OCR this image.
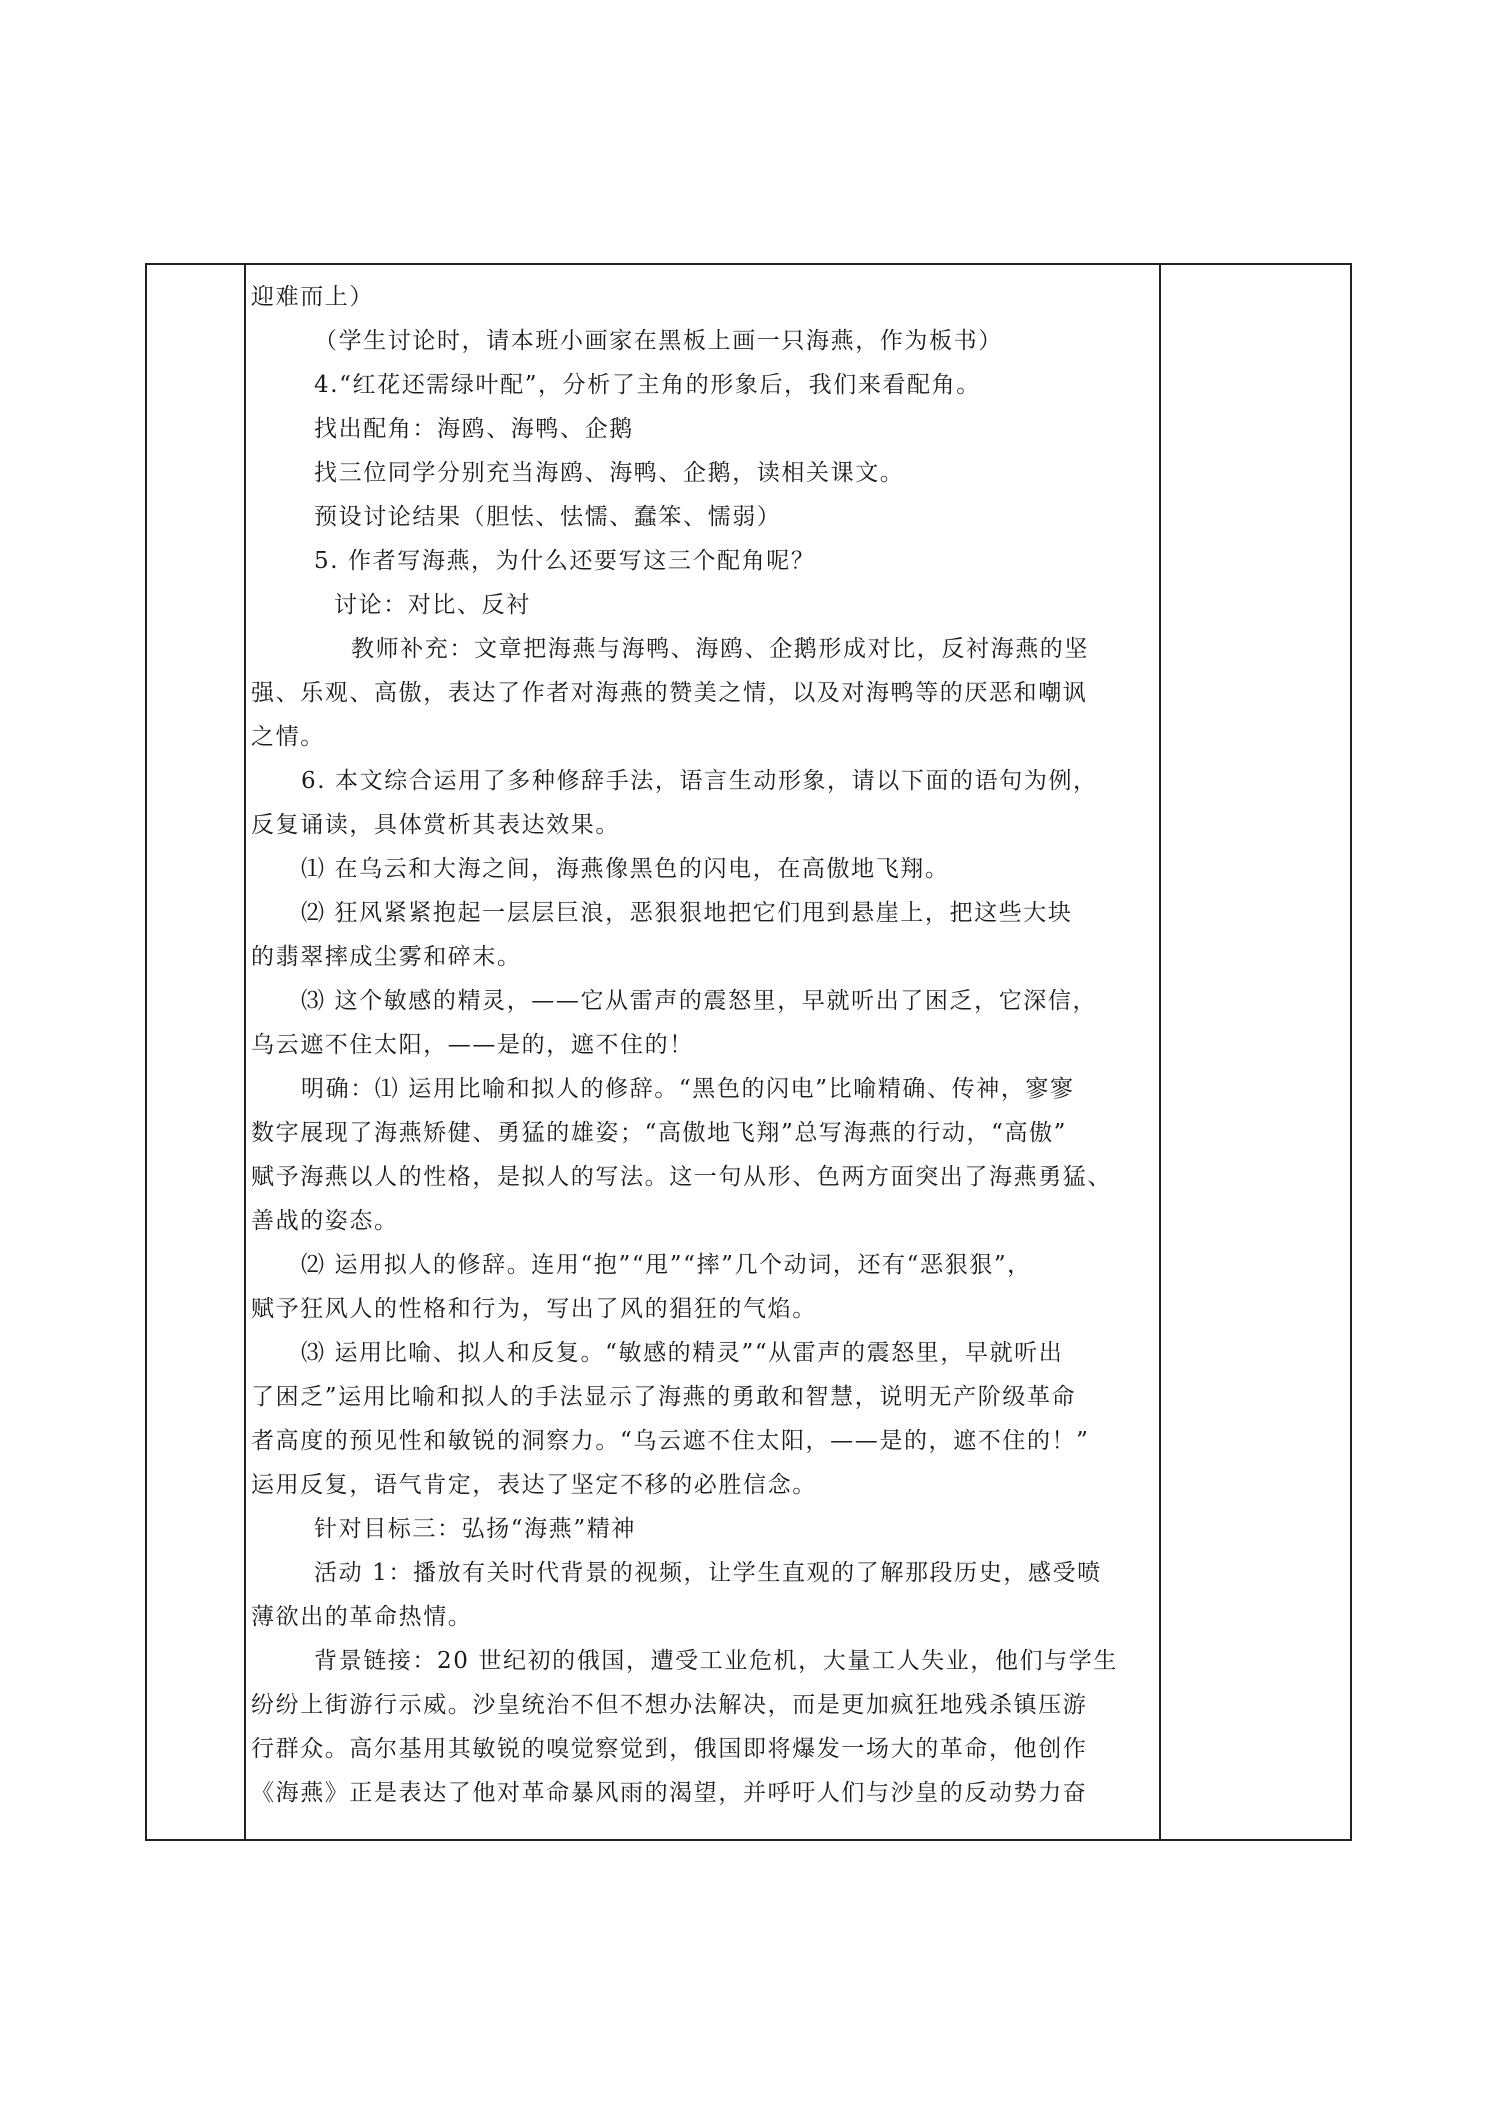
迎难而上）

（学生讨论时，请本班小画家在黑板上画一只海燕，作为板书）

4.“红花还需绿叶配”，分析了主角的形象后，我们来看配角。

找出配角：海鸥、海鸭、企鹅

找三位同学分别充当海鸥、海鸭、企鹅，读相关课文。

预设讨论结果（胆怯、怯懦、蠢笨、懦弱）

5. 作者写海燕，为什么还要写这三个配角呢？

讨论：对比、反衬

教师补充：文章把海燕与海鸭、海鸥、企鹅形成对比，反衬海燕的坚

强、乐观、高傲，表达了作者对海燕的赞美之情，以及对海鸭等的厌恶和嘲讽

之情。

6. 本文综合运用了多种修辞手法，语言生动形象，请以下面的语句为例，

反复诵读，具体赏析其表达效果。

⑴ 在乌云和大海之间，海燕像黑色的闪电，在高傲地飞翔。

⑵ 狂风紧紧抱起一层层巨浪，恶狠狠地把它们甩到悬崖上，把这些大块

的翡翠摔成尘雾和碎末。

⑶ 这个敏感的精灵，——它从雷声的震怒里，早就听出了困乏，它深信，

乌云遮不住太阳，——是的，遮不住的！

明确：⑴ 运用比喻和拟人的修辞。“黑色的闪电”比喻精确、传神，寥寥

数字展现了海燕矫健、勇猛的雄姿；“高傲地飞翔”总写海燕的行动，“高傲”

赋予海燕以人的性格，是拟人的写法。这一句从形、色两方面突出了海燕勇猛、

善战的姿态。

⑵ 运用拟人的修辞。连用“抱”“甩”“摔”几个动词，还有“恶狠狠”，

赋予狂风人的性格和行为，写出了风的猖狂的气焰。

⑶ 运用比喻、拟人和反复。“敏感的精灵”“从雷声的震怒里，早就听出

了困乏”运用比喻和拟人的手法显示了海燕的勇敢和智慧，说明无产阶级革命

者高度的预见性和敏锐的洞察力。“乌云遮不住太阳，——是的，遮不住的！”

运用反复，语气肯定，表达了坚定不移的必胜信念。

针对目标三：弘扬“海燕”精神

活动 1：播放有关时代背景的视频，让学生直观的了解那段历史，感受喷

薄欲出的革命热情。

背景链接：20 世纪初的俄国，遭受工业危机，大量工人失业，他们与学生

纷纷上街游行示威。沙皇统治不但不想办法解决，而是更加疯狂地残杀镇压游

行群众。高尔基用其敏锐的嗅觉察觉到，俄国即将爆发一场大的革命，他创作

《海燕》正是表达了他对革命暴风雨的渴望，并呼吁人们与沙皇的反动势力奋
